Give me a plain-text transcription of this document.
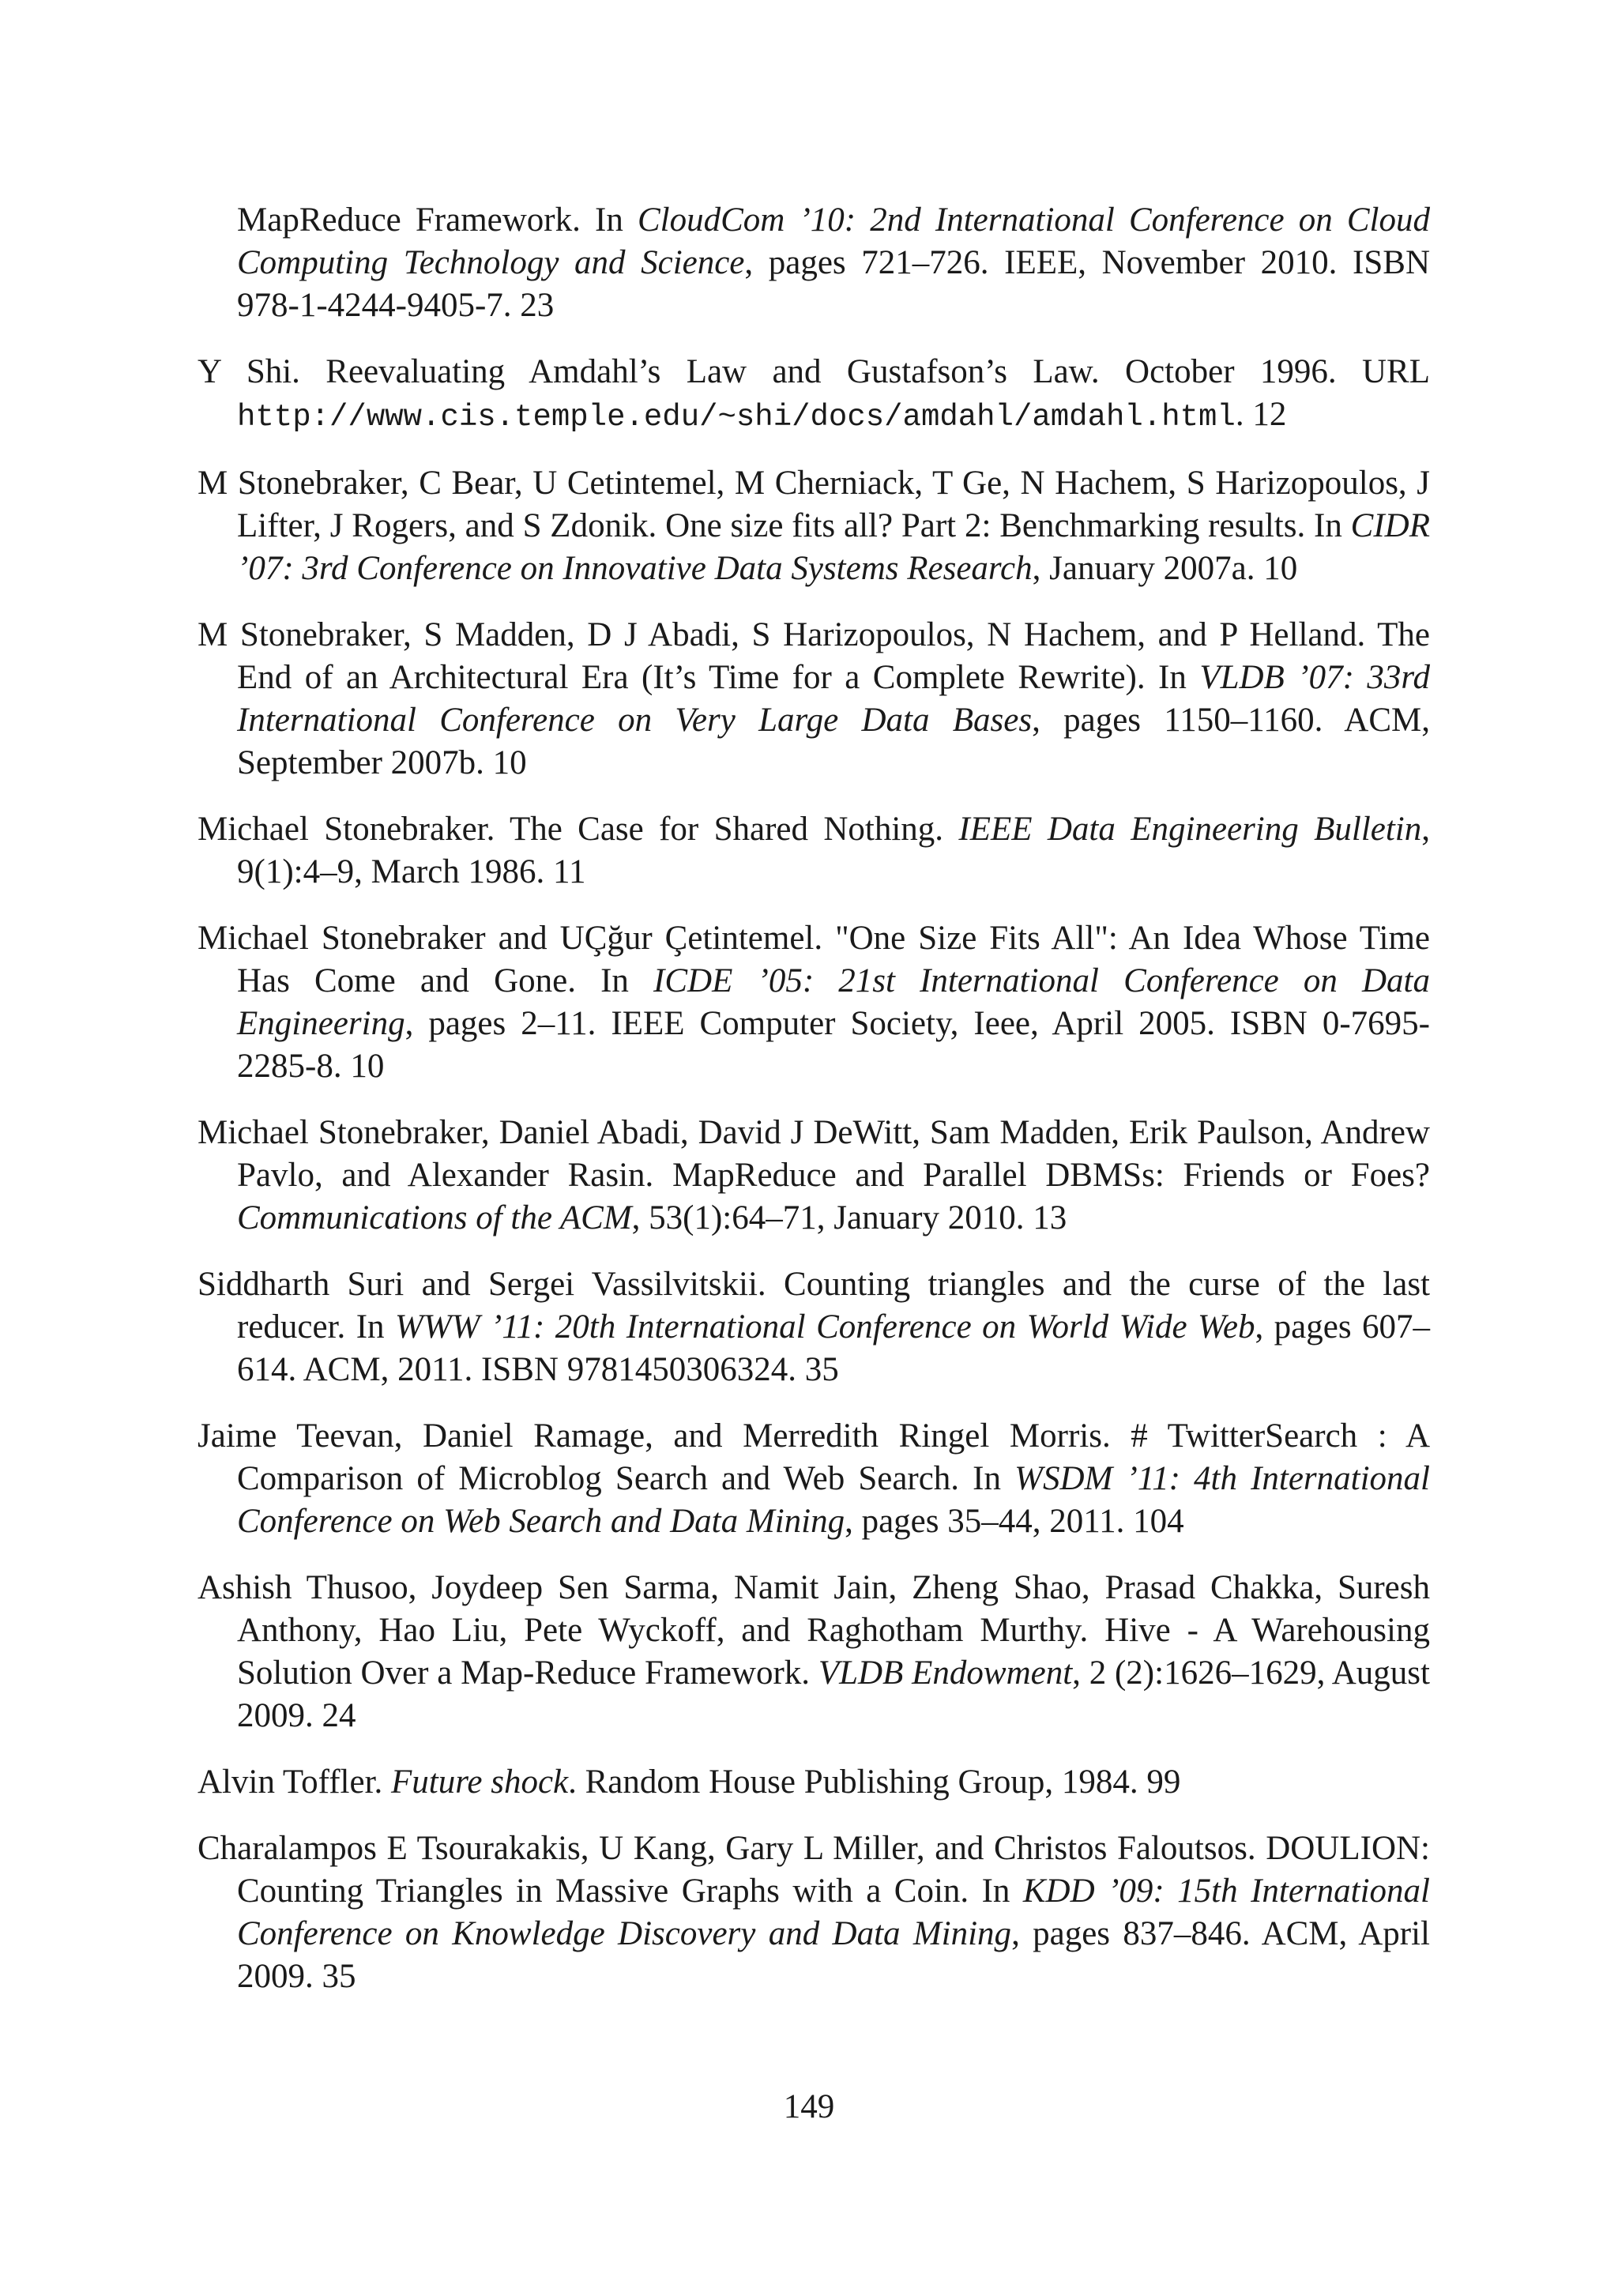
MapReduce Framework. In CloudCom ’10: 2nd International Conference on Cloud Computing Technology and Science, pages 721–726. IEEE, November 2010. ISBN 978-1-4244-9405-7. 23

Y Shi. Reevaluating Amdahl’s Law and Gustafson’s Law. October 1996. URL http://www.cis.temple.edu/~shi/docs/amdahl/amdahl.html. 12

M Stonebraker, C Bear, U Cetintemel, M Cherniack, T Ge, N Hachem, S Harizopoulos, J Lifter, J Rogers, and S Zdonik. One size fits all? Part 2: Benchmarking results. In CIDR ’07: 3rd Conference on Innovative Data Systems Research, January 2007a. 10

M Stonebraker, S Madden, D J Abadi, S Harizopoulos, N Hachem, and P Helland. The End of an Architectural Era (It’s Time for a Complete Rewrite). In VLDB ’07: 33rd International Conference on Very Large Data Bases, pages 1150–1160. ACM, September 2007b. 10

Michael Stonebraker. The Case for Shared Nothing. IEEE Data Engineering Bulletin, 9(1):4–9, March 1986. 11

Michael Stonebraker and UÇğur Çetintemel. "One Size Fits All": An Idea Whose Time Has Come and Gone. In ICDE ’05: 21st International Conference on Data Engineering, pages 2–11. IEEE Computer Society, Ieee, April 2005. ISBN 0-7695-2285-8. 10

Michael Stonebraker, Daniel Abadi, David J DeWitt, Sam Madden, Erik Paulson, Andrew Pavlo, and Alexander Rasin. MapReduce and Parallel DBMSs: Friends or Foes? Communications of the ACM, 53(1):64–71, January 2010. 13

Siddharth Suri and Sergei Vassilvitskii. Counting triangles and the curse of the last reducer. In WWW ’11: 20th International Conference on World Wide Web, pages 607–614. ACM, 2011. ISBN 9781450306324. 35

Jaime Teevan, Daniel Ramage, and Merredith Ringel Morris. # TwitterSearch : A Comparison of Microblog Search and Web Search. In WSDM ’11: 4th International Conference on Web Search and Data Mining, pages 35–44, 2011. 104

Ashish Thusoo, Joydeep Sen Sarma, Namit Jain, Zheng Shao, Prasad Chakka, Suresh Anthony, Hao Liu, Pete Wyckoff, and Raghotham Murthy. Hive - A Warehousing Solution Over a Map-Reduce Framework. VLDB Endowment, 2 (2):1626–1629, August 2009. 24

Alvin Toffler. Future shock. Random House Publishing Group, 1984. 99

Charalampos E Tsourakakis, U Kang, Gary L Miller, and Christos Faloutsos. DOULION: Counting Triangles in Massive Graphs with a Coin. In KDD ’09: 15th International Conference on Knowledge Discovery and Data Mining, pages 837–846. ACM, April 2009. 35

149
